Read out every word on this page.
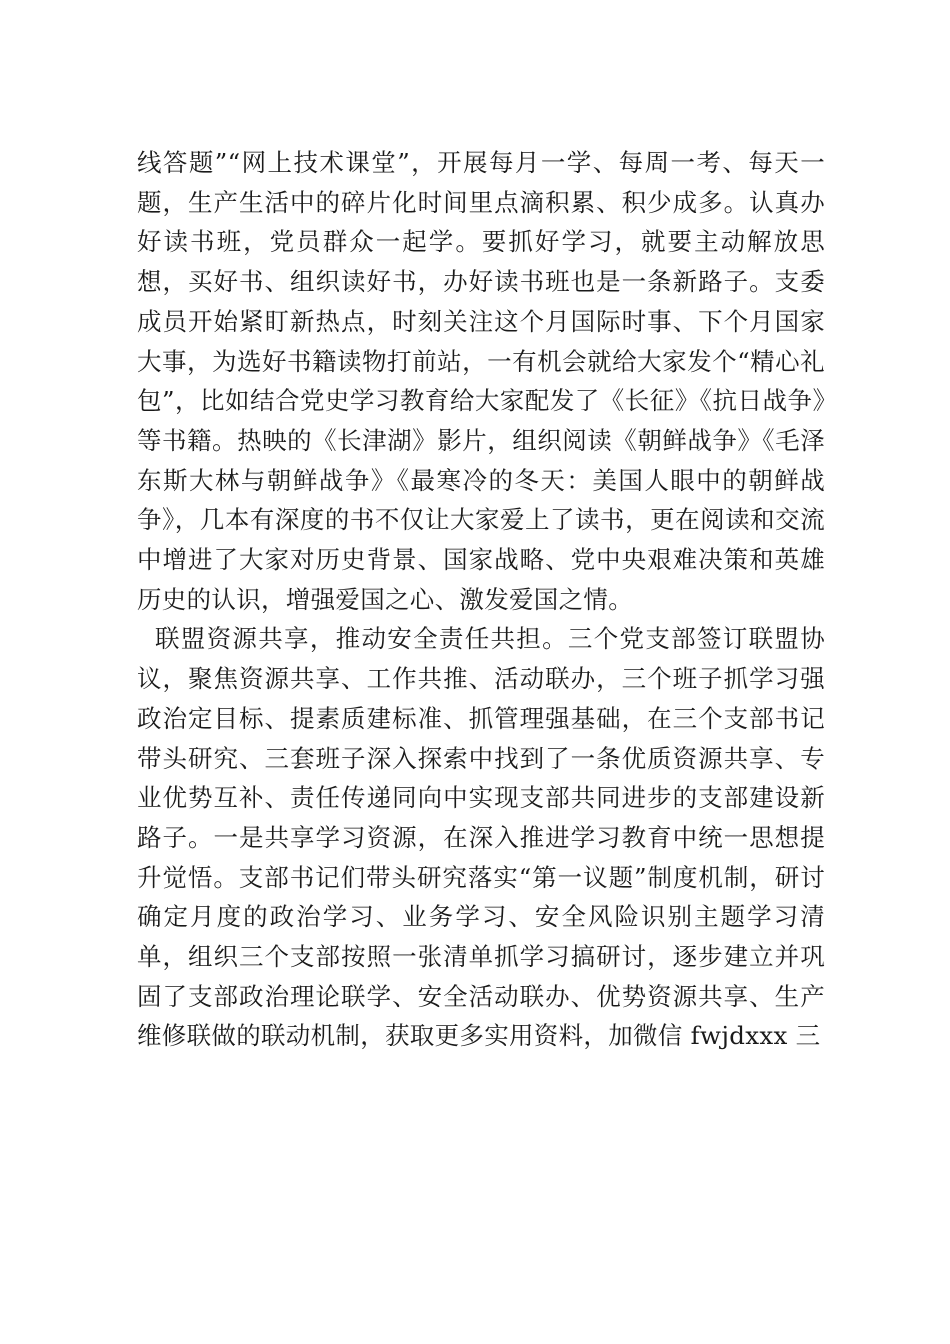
线答题”“网上技术课堂”，开展每月一学、每周一考、每天一题，生产生活中的碎片化时间里点滴积累、积少成多。认真办好读书班，党员群众一起学。要抓好学习，就要主动解放思想，买好书、组织读好书，办好读书班也是一条新路子。支委成员开始紧盯新热点，时刻关注这个月国际时事、下个月国家大事，为选好书籍读物打前站，一有机会就给大家发个“精心礼包”，比如结合党史学习教育给大家配发了《长征》《抗日战争》等书籍。热映的《长津湖》影片，组织阅读《朝鲜战争》《毛泽东斯大林与朝鲜战争》《最寒冷的冬天：美国人眼中的朝鲜战争》，几本有深度的书不仅让大家爱上了读书，更在阅读和交流中增进了大家对历史背景、国家战略、党中央艰难决策和英雄历史的认识，增强爱国之心、激发爱国之情。

联盟资源共享，推动安全责任共担。三个党支部签订联盟协议，聚焦资源共享、工作共推、活动联办，三个班子抓学习强政治定目标、提素质建标准、抓管理强基础，在三个支部书记带头研究、三套班子深入探索中找到了一条优质资源共享、专业优势互补、责任传递同向中实现支部共同进步的支部建设新路子。一是共享学习资源，在深入推进学习教育中统一思想提升觉悟。支部书记们带头研究落实“第一议题”制度机制，研讨确定月度的政治学习、业务学习、安全风险识别主题学习清单，组织三个支部按照一张清单抓学习搞研讨，逐步建立并巩固了支部政治理论联学、安全活动联办、优势资源共享、生产维修联做的联动机制，获取更多实用资料，加微信 fwjdxxx 三
